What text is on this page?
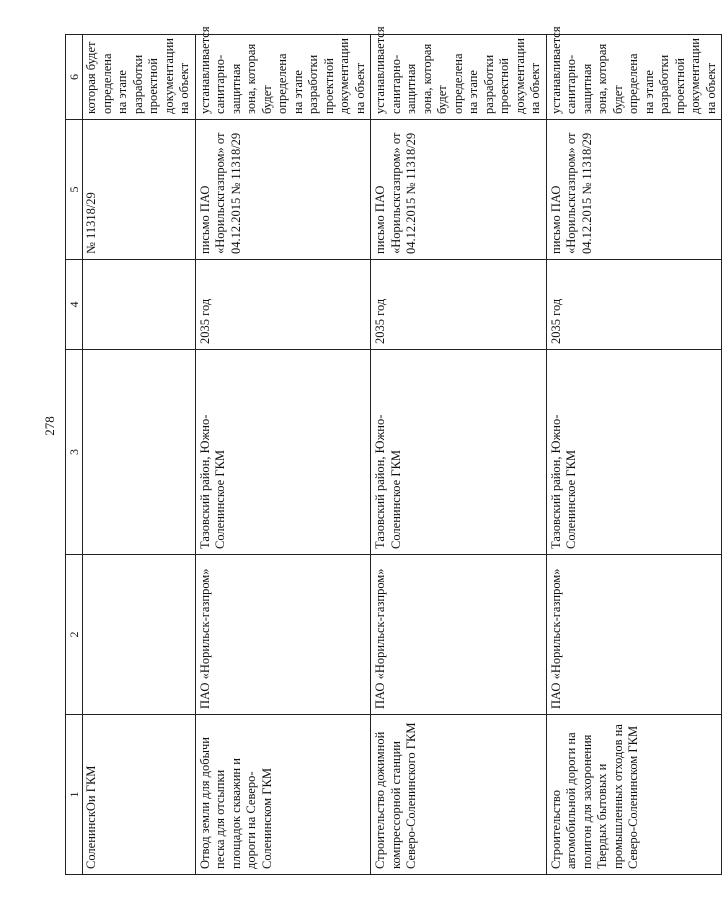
278
1	2	3	4	5	6
СоленинскОи ГКМ				№ 11318/29	которая будет определена на этапе разработки проектной документации на объект
Отвод земли для добычи песка для отсыпки площадок скважин и дороги на Северо-Соленинском ГКМ	ПАО «Норильск-газпром»	Тазовский район, Южно-Соленинское ГКМ	2035 год	письмо ПАО «Норильскгазпром» от 04.12.2015 № 11318/29	устанавливается санитарно-защитная зона, которая будет определена на этапе разработки проектной документации на объект
Строительство дожимной компрессорной станции Северо-Соленинского ГКМ	ПАО «Норильск-газпром»	Тазовский район, Южно-Соленинское ГКМ	2035 год	письмо ПАО «Норильскгазпром» от 04.12.2015 № 11318/29	устанавливается санитарно-защитная зона, которая будет определена на этапе разработки проектной документации на объект
Строительство автомобильной дороги на полигон для захоронения Твердых бытовых и промышленных отходов на Северо-Соленинском ГКМ	ПАО «Норильск-газпром»	Тазовский район, Южно-Соленинское ГКМ	2035 год	письмо ПАО «Норильскгазпром» от 04.12.2015 № 11318/29	устанавливается санитарно-защитная зона, которая будет определена на этапе разработки проектной документации на объект
